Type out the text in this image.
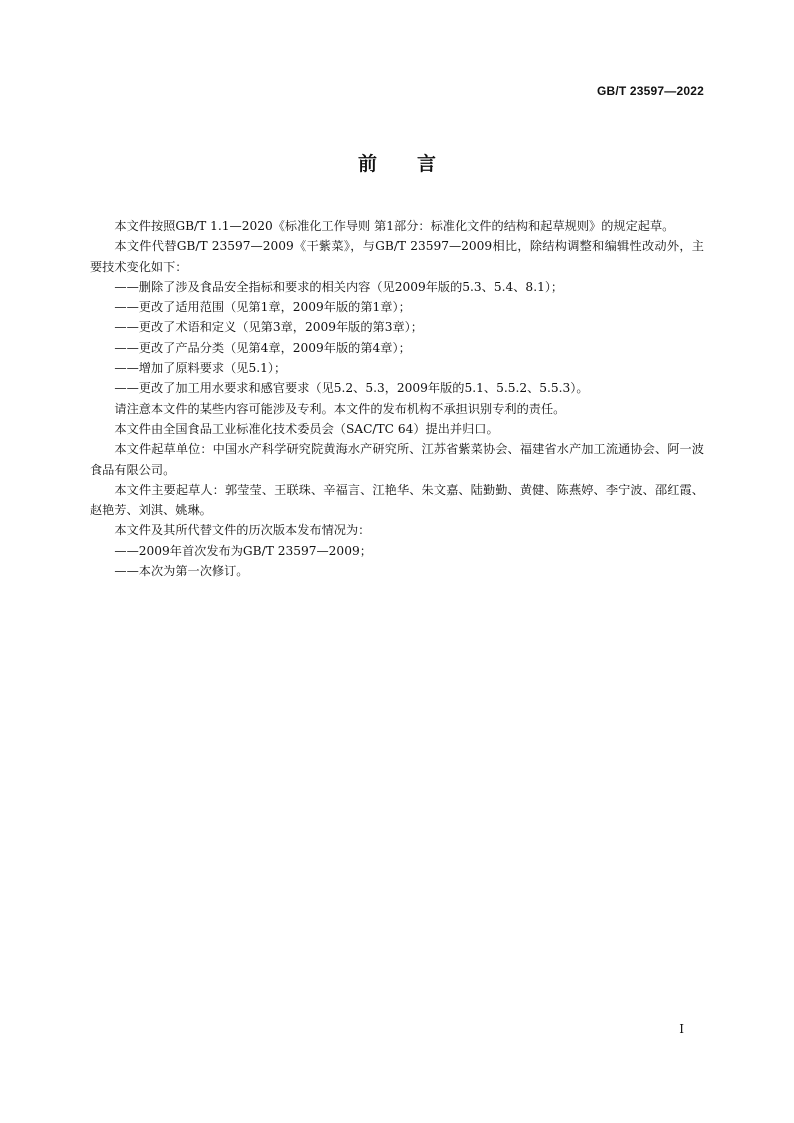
GB/T 23597—2022
前言

本文件按照GB/T 1.1—2020《标准化工作导则 第1部分：标准化文件的结构和起草规则》的规定起草。

本文件代替GB/T 23597—2009《干紫菜》，与GB/T 23597—2009相比，除结构调整和编辑性改动外，主要技术变化如下：

——删除了涉及食品安全指标和要求的相关内容（见2009年版的5.3、5.4、8.1）；

——更改了适用范围（见第1章，2009年版的第1章）；

——更改了术语和定义（见第3章，2009年版的第3章）；

——更改了产品分类（见第4章，2009年版的第4章）；

——增加了原料要求（见5.1）；

——更改了加工用水要求和感官要求（见5.2、5.3，2009年版的5.1、5.5.2、5.5.3）。

请注意本文件的某些内容可能涉及专利。本文件的发布机构不承担识别专利的责任。

本文件由全国食品工业标准化技术委员会（SAC/TC 64）提出并归口。

本文件起草单位：中国水产科学研究院黄海水产研究所、江苏省紫菜协会、福建省水产加工流通协会、阿一波食品有限公司。

本文件主要起草人：郭莹莹、王联珠、辛福言、江艳华、朱文嘉、陆勤勤、黄健、陈燕婷、李宁波、邵红霞、赵艳芳、刘淇、姚琳。

本文件及其所代替文件的历次版本发布情况为：

——2009年首次发布为GB/T 23597—2009；

——本次为第一次修订。

I
